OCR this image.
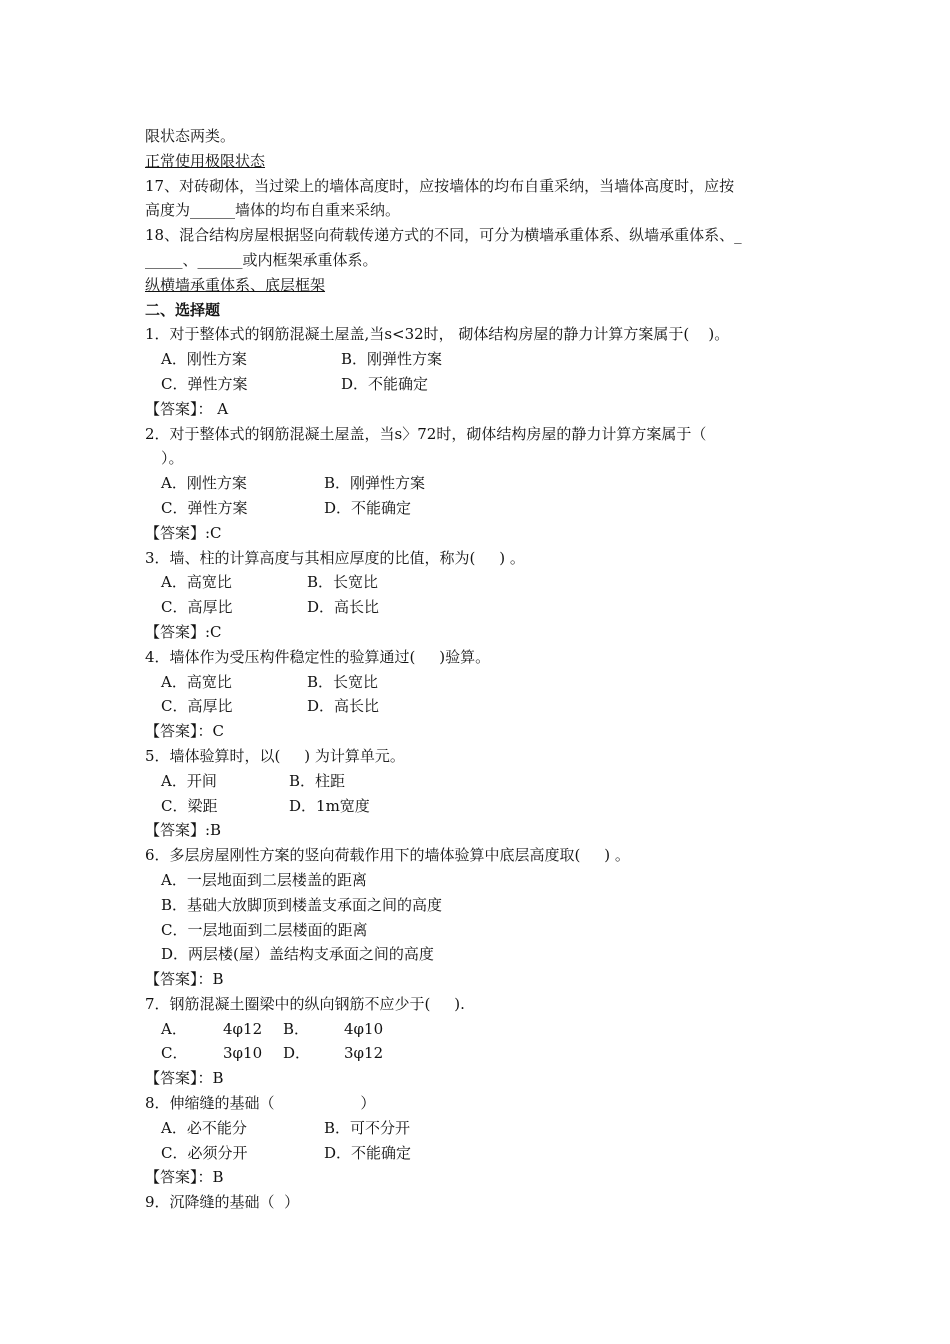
限状态两类。
正常使用极限状态
17、对砖砌体，当过梁上的墙体高度时，应按墙体的均布自重采纳，当墙体高度时，应按
高度为______墙体的均布自重来采纳。
18、混合结构房屋根据竖向荷载传递方式的不同，可分为横墙承重体系、纵墙承重体系、_
_____、______或内框架承重体系。
纵横墙承重体系、底层框架
二、选择题
1．对于整体式的钢筋混凝土屋盖,当s<32时， 砌体结构房屋的静力计算方案属于(    )。
A．刚性方案	B．刚弹性方案
C．弹性方案	D．不能确定
【答案】： A
2．对于整体式的钢筋混凝土屋盖，当s〉72时，砌体结构房屋的静力计算方案属于（
）。
A．刚性方案	B．刚弹性方案
C．弹性方案	D．不能确定
【答案】:C
3．墙、柱的计算高度与其相应厚度的比值，称为(     ) 。
A．高宽比	B．长宽比
C．高厚比	D．高长比
【答案】:C
4．墙体作为受压构件稳定性的验算通过(     )验算。
A．高宽比	B．长宽比
C．高厚比	D．高长比
【答案】：C
5．墙体验算时，以(     ) 为计算单元。
A．开间	B．柱距
C．梁距	D．1m宽度
【答案】:B
6．多层房屋刚性方案的竖向荷载作用下的墙体验算中底层高度取(     ) 。
A．一层地面到二层楼盖的距离
B．基础大放脚顶到楼盖支承面之间的高度
C．一层地面到二层楼面的距离
D．两层楼(屋）盖结构支承面之间的高度
【答案】：B
7．钢筋混凝土圈梁中的纵向钢筋不应少于(     ).
A． 4φ12 B． 4φ10
C． 3φ10 D． 3φ12
【答案】：B
8．伸缩缝的基础（                  ）
A．必不能分	B．可不分开
C．必须分开	D．不能确定
【答案】：B
9．沉降缝的基础（  ）
